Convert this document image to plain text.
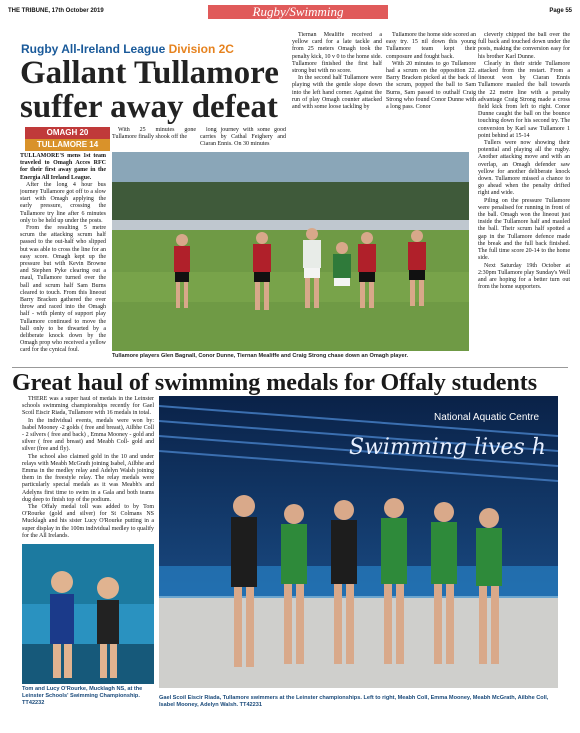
THE TRIBUNE, 17th October 2019	Rugby/Swimming	Page 55
Rugby All-Ireland League Division 2C
Gallant Tullamore suffer away defeat
OMAGH 20
TULLAMORE 14

TULLAMORE'S mens 1st team traveled to Omagh Acces RFC for their first away game in the Energia All Ireland League.

After the long 4 hour bus journey Tullamore got off to a slow start with Omagh applying the early pressure, crossing the Tullamore try line after 6 minutes only to be held up under the posts.

From the resulting 5 metre scrum the attacking scrum half passed to the out-half who slipped but was able to cross the line for an easy score. Omagh kept up the pressure but with Kevin Browne and Stephen Pyke clearing out a maul, Tullamore turned over the ball and scrum half Sam Burns cleared to touch. From this lineout Barry Bracken gathered the over throw and raced into the Omagh half - with plenty of support play Tullamore continued to move the ball only to be thwarted by a deliberate knock down by the Omagh prop who received a yellow card for the cynical foul.

With 25 minutes gone Tullamore finally shook off the

long journey with some good carries by Cathal Feighery and Ciaran Ennis. On 30 minutes

Tiernan Mealiffe received a yellow card for a late tackle and from 25 meters Omagh took the penalty kick, 10 v 0 to the home side. Tullamore finished the first half strong but with no score.

In the second half Tullamore were playing with the gentle slope down into the left hand corner. Against the run of play Omagh counter attacked and with some loose tackling by

Tullamore the home side scored an easy try. 15 nil down this young Tullamore team kept their composure and fought back.

With 20 minutes to go Tullamore had a scrum on the opposition 22. Barry Bracken picked at the back of the scrum, popped the ball to Sam Burns, Sam passed to outhalf Craig Strong who found Conor Dunne with a long pass. Conor

cleverly chipped the ball over the full back and touched down under the posts, making the conversion easy for his brother Karl Dunne.

Clearly in their stride Tullamore attacked from the restart. From a lineout won by Ciaran Ennis Tullamore mauled the ball towards the 22 metre line with a penalty advantage Craig Strong made a cross field kick from left to right. Conor Dunne caught the ball on the bounce touching down for his second try. The conversion by Karl saw Tullamore 1 point behind at 15-14

Tullers were now showing their potential and playing all the rugby. Another attacking move and with an overlap, an Omagh defender saw yellow for another deliberate knock down. Tullamore missed a chance to go ahead when the penalty drifted right and wide.

Piling on the pressure Tullamore were penalised for running in front of the ball. Omagh won the lineout just inside the Tullamore half and mauled the ball. Their scrum half spotted a gap in the Tullamore defence made the break and the full back finished. The full time score 20-14 to the home side.

Next Saturday 19th October at 2:30pm Tullamore play Sunday's Well and are hoping for a better turn out from the home supporters.

Tullamore players Glen Bagnall, Conor Dunne, Tiernan Mealiffe and Craig Strong chase down an Omagh player.
Great haul of swimming medals for Offaly students

THERE was a super haul of medals in the Leinster schools swimming championships recently for Gael Scoil Eiscir Riada, Tullamore with 16 medals in total.

In the individual events, medals were won by: Isabel Mooney -2 golds ( free and breast), Ailbhe Coll - 2 silvers ( free and back) , Emma Mooney - gold and silver ( free and breast) and Meabh Coll- gold and silver (free and fly).

The school also claimed gold in the 10 and under relays with Meabh McGrath joining Isabel, Ailbhe and Emma in the medley relay and Adelyn Walsh joining them in the freestyle relay. The relay medals were particularly special medals as it was Meabh's and Adelyns first time to swim in a Gala and both teams dug deep to finish top of the podium.

The Offaly medal toll was added to by Tom O'Rourke (gold and silver) for St Colmans NS Mucklagh and his sister Lucy O'Rourke putting in a super display in the 100m individual medley to qualify for the All Irelands.

Tom and Lucy O'Rourke, Mucklagh NS, at the Leinster Schools' Swimming Championship. TT42232
National Aquatic Centre
Swimming lives h
Gael Scoil Eiscir Riada, Tullamore swimmers at the Leinster championships. Left to right, Meabh Coll, Emma Mooney, Meabh McGrath, Ailbhe Coll, Isabel Mooney, Adelyn Walsh. TT42231
